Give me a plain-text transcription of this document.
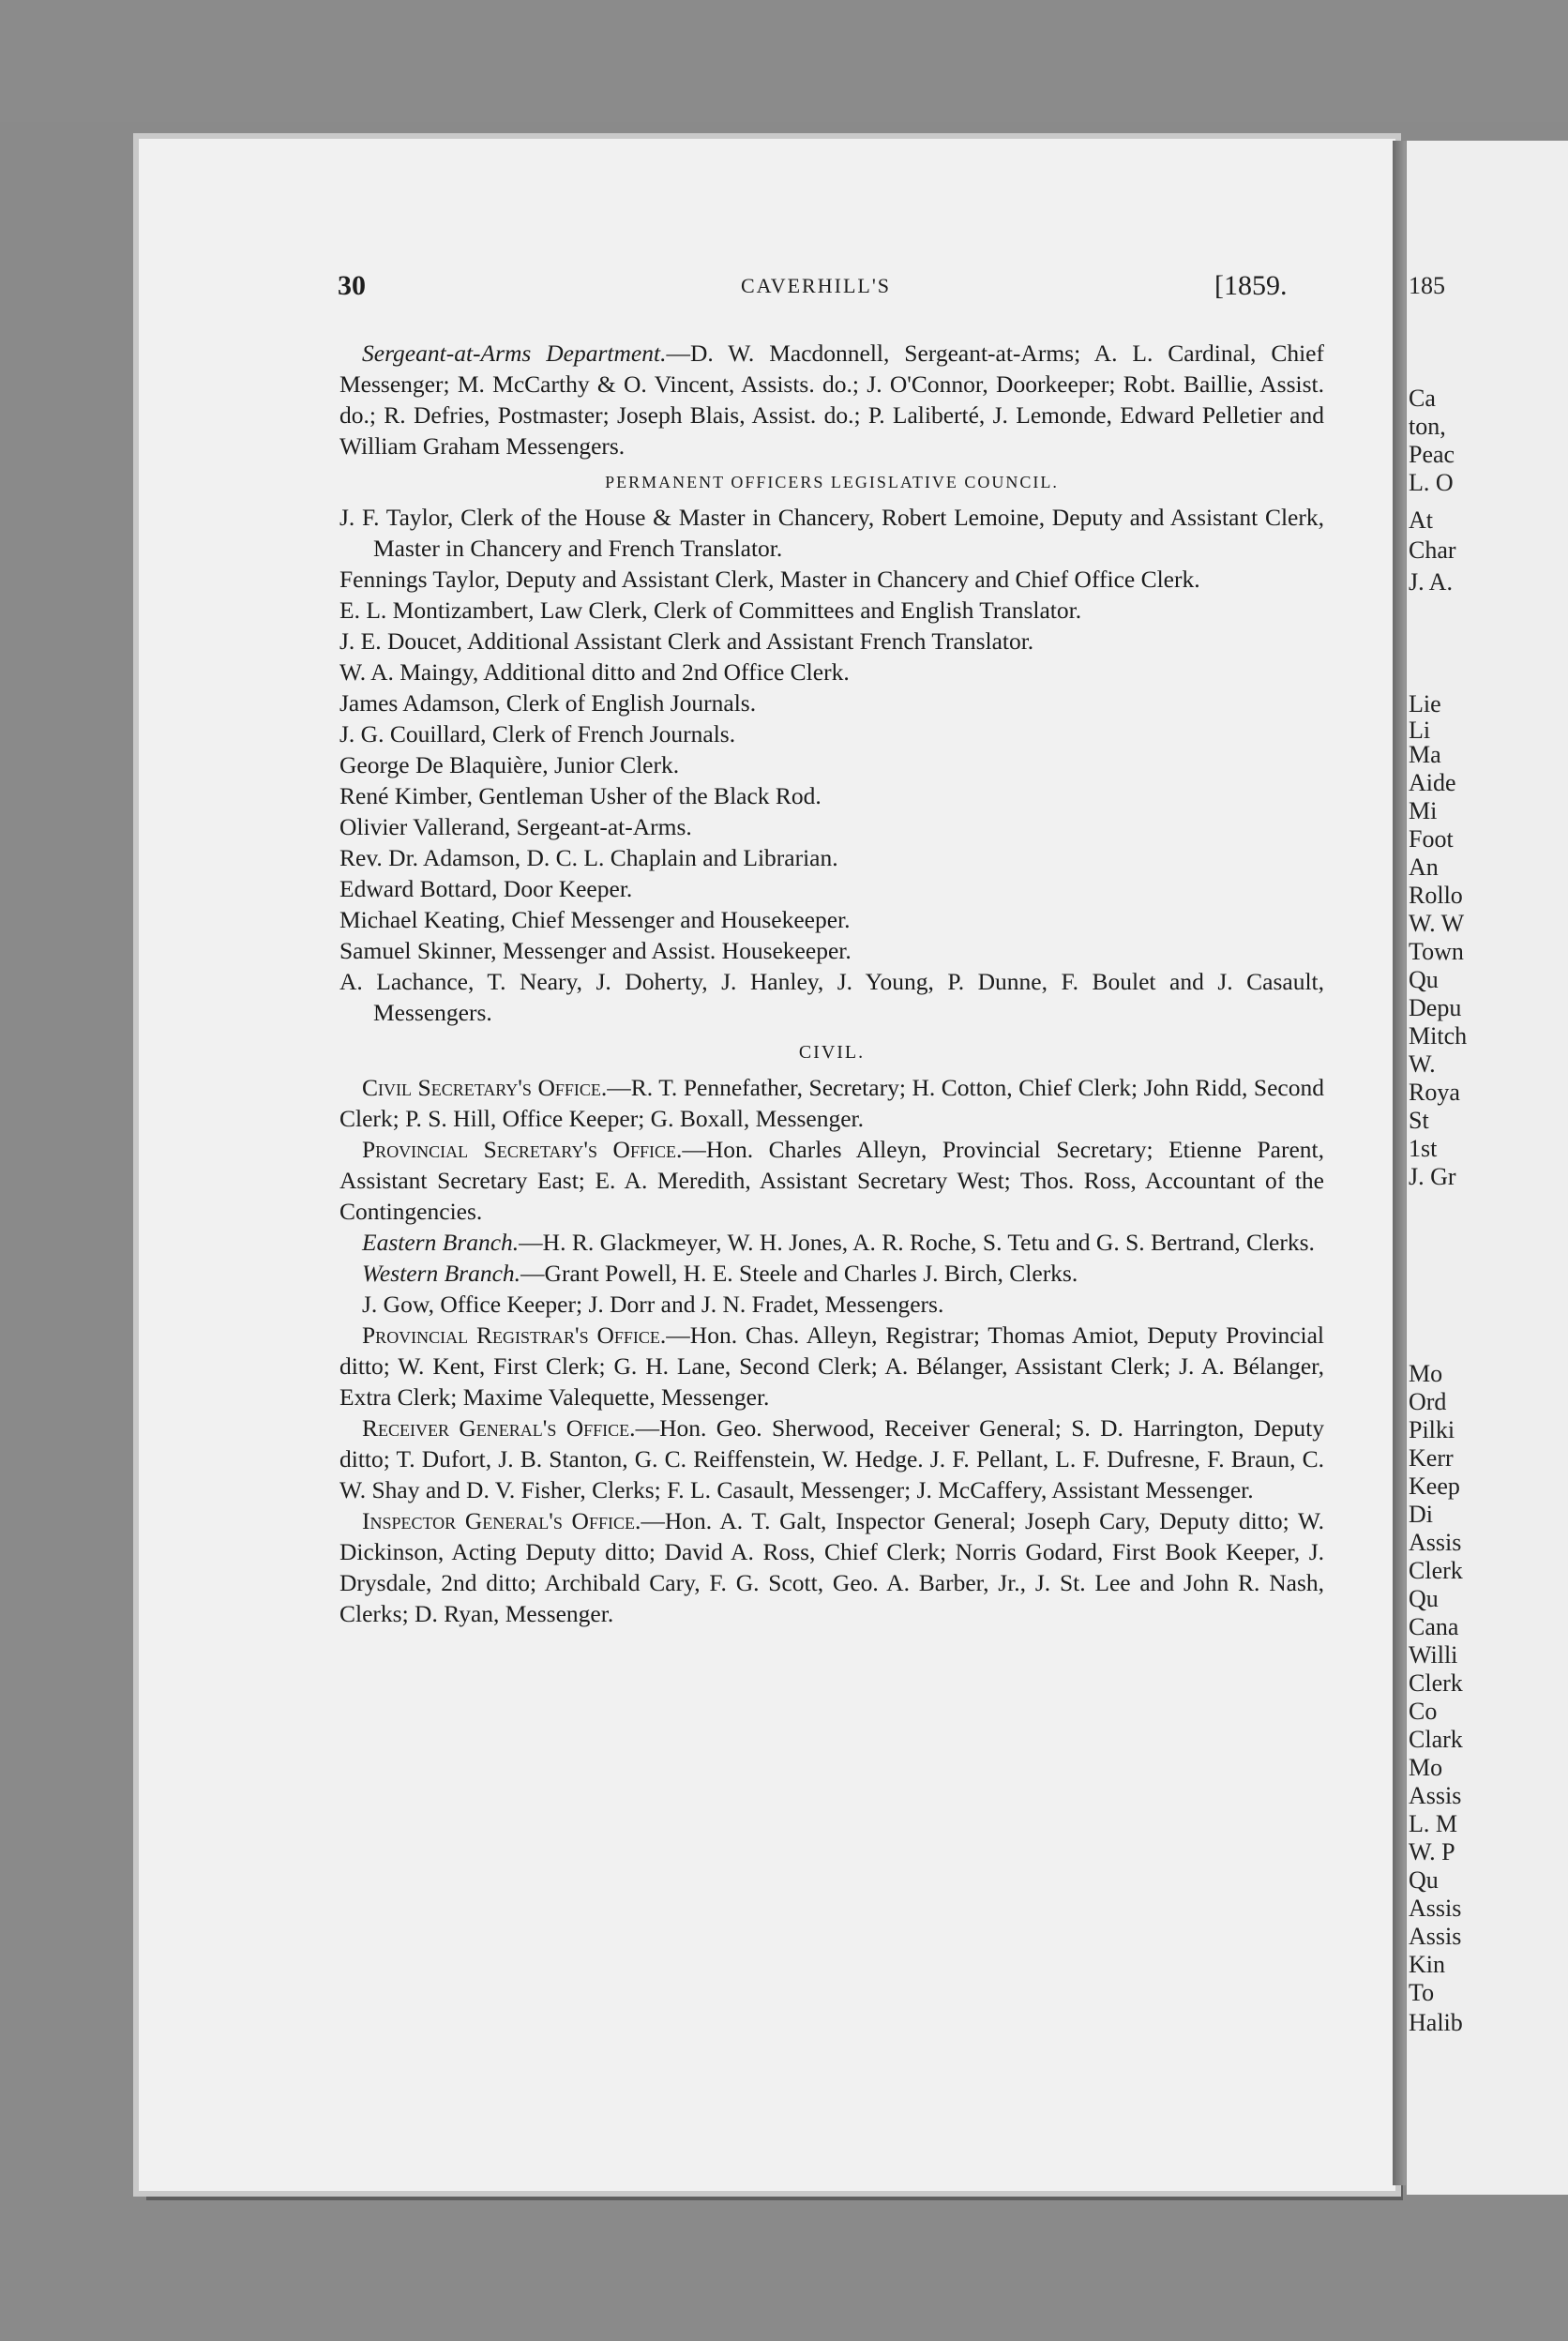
185
Ca
ton,
Peac
L. O
At
Char
J. A.
Lie
Li
Ma
Aide
Mi
Foot
An
Rollo
W. W
Town
Qu
Depu
Mitch
W.
Roya
St
1st
J. Gr
Mo
Ord
Pilki
Kerr
Keep
Di
Assis
Clerk
Qu
Cana
Willi
Clerk
Co
Clark
Mo
Assis
L. M
W. P
Qu
Assis
Assis
Kin
To
Halib
30	CAVERHILL'S	[1859.

Sergeant-at-Arms Department.—D. W. Macdonnell, Sergeant-at-Arms; A. L. Cardinal, Chief Messenger; M. McCarthy & O. Vincent, Assists. do.; J. O'Connor, Doorkeeper; Robt. Baillie, Assist. do.; R. Defries, Postmaster; Joseph Blais, Assist. do.; P. Laliberté, J. Lemonde, Edward Pelletier and William Graham Messengers.

PERMANENT OFFICERS LEGISLATIVE COUNCIL.

J. F. Taylor, Clerk of the House & Master in Chancery, Robert Lemoine, Deputy and Assistant Clerk, Master in Chancery and French Translator.

Fennings Taylor, Deputy and Assistant Clerk, Master in Chancery and Chief Office Clerk.

E. L. Montizambert, Law Clerk, Clerk of Committees and English Translator.

J. E. Doucet, Additional Assistant Clerk and Assistant French Translator.

W. A. Maingy, Additional ditto and 2nd Office Clerk.

James Adamson, Clerk of English Journals.

J. G. Couillard, Clerk of French Journals.

George De Blaquière, Junior Clerk.

René Kimber, Gentleman Usher of the Black Rod.

Olivier Vallerand, Sergeant-at-Arms.

Rev. Dr. Adamson, D. C. L. Chaplain and Librarian.

Edward Bottard, Door Keeper.

Michael Keating, Chief Messenger and Housekeeper.

Samuel Skinner, Messenger and Assist. Housekeeper.

A. Lachance, T. Neary, J. Doherty, J. Hanley, J. Young, P. Dunne, F. Boulet and J. Casault, Messengers.

CIVIL.

Civil Secretary's Office.—R. T. Pennefather, Secretary; H. Cotton, Chief Clerk; John Ridd, Second Clerk; P. S. Hill, Office Keeper; G. Boxall, Messenger.

Provincial Secretary's Office.—Hon. Charles Alleyn, Provincial Secretary; Etienne Parent, Assistant Secretary East; E. A. Meredith, Assistant Secretary West; Thos. Ross, Accountant of the Contingencies.

Eastern Branch.—H. R. Glackmeyer, W. H. Jones, A. R. Roche, S. Tetu and G. S. Bertrand, Clerks.

Western Branch.—Grant Powell, H. E. Steele and Charles J. Birch, Clerks.

J. Gow, Office Keeper; J. Dorr and J. N. Fradet, Messengers.

Provincial Registrar's Office.—Hon. Chas. Alleyn, Registrar; Thomas Amiot, Deputy Provincial ditto; W. Kent, First Clerk; G. H. Lane, Second Clerk; A. Bélanger, Assistant Clerk; J. A. Bélanger, Extra Clerk; Maxime Valequette, Messenger.

Receiver General's Office.—Hon. Geo. Sherwood, Receiver General; S. D. Harrington, Deputy ditto; T. Dufort, J. B. Stanton, G. C. Reiffenstein, W. Hedge. J. F. Pellant, L. F. Dufresne, F. Braun, C. W. Shay and D. V. Fisher, Clerks; F. L. Casault, Messenger; J. McCaffery, Assistant Messenger.

Inspector General's Office.—Hon. A. T. Galt, Inspector General; Joseph Cary, Deputy ditto; W. Dickinson, Acting Deputy ditto; David A. Ross, Chief Clerk; Norris Godard, First Book Keeper, J. Drysdale, 2nd ditto; Archibald Cary, F. G. Scott, Geo. A. Barber, Jr., J. St. Lee and John R. Nash, Clerks; D. Ryan, Messenger.
